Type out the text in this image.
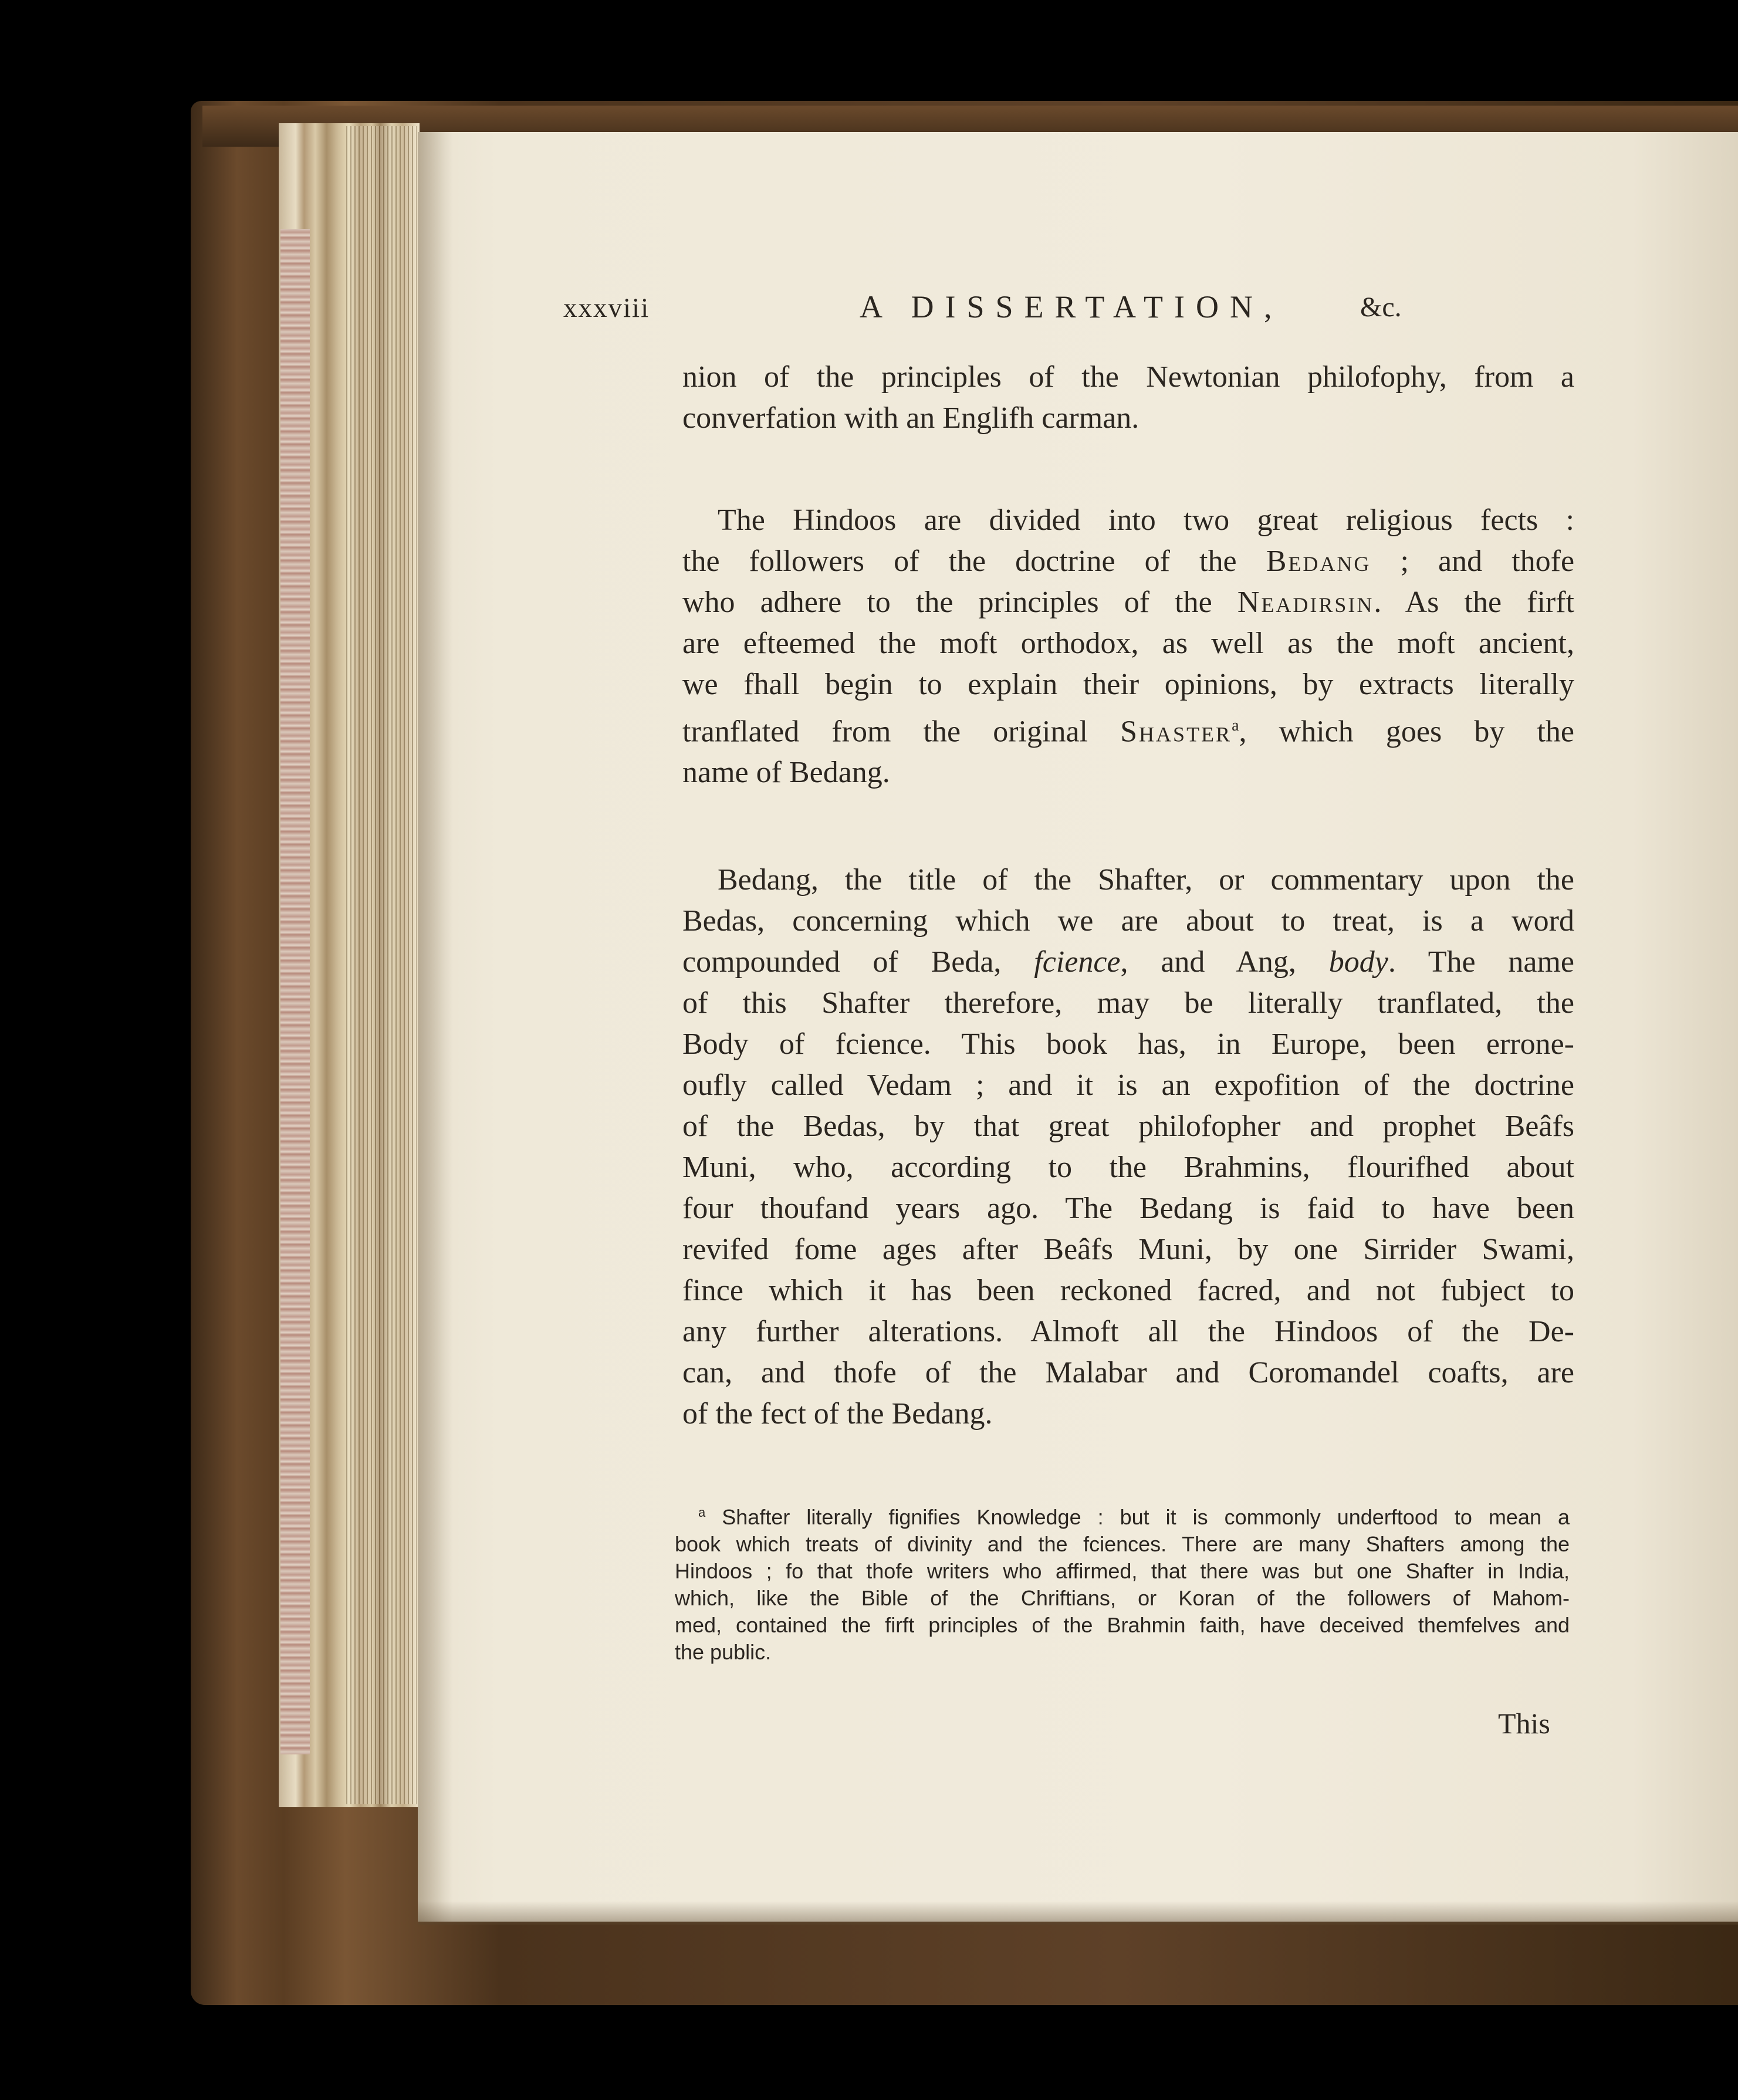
xxxviii	A DISSERTATION,	&c.
nion of the principles of the Newtonian philofophy, from a
converfation with an Englifh carman.
The Hindoos are divided into two great religious fects :
the followers of the doctrine of the Bedang ; and thofe
who adhere to the principles of the Neadirsin. As the firft
are efteemed the moft orthodox, as well as the moft ancient,
we fhall begin to explain their opinions, by extracts literally
tranflated from the original Shaster$^a$, which goes by the
name of Bedang.
Bedang, the title of the Shafter, or commentary upon the
Bedas, concerning which we are about to treat, is a word
compounded of Beda, fcience, and Ang, body. The name
of this Shafter therefore, may be literally tranflated, the
Body of fcience. This book has, in Europe, been errone-
oufly called Vedam ; and it is an expofition of the doctrine
of the Bedas, by that great philofopher and prophet Beâfs
Muni, who, according to the Brahmins, flourifhed about
four thoufand years ago. The Bedang is faid to have been
revifed fome ages after Beâfs Muni, by one Sirrider Swami,
fince which it has been reckoned facred, and not fubject to
any further alterations. Almoft all the Hindoos of the De-
can, and thofe of the Malabar and Coromandel coafts, are
of the fect of the Bedang.
$^a$ Shafter literally fignifies Knowledge : but it is commonly underftood to mean a
book which treats of divinity and the fciences. There are many Shafters among the
Hindoos ; fo that thofe writers who affirmed, that there was but one Shafter in India,
which, like the Bible of the Chriftians, or Koran of the followers of Mahom-
med, contained the firft principles of the Brahmin faith, have deceived themfelves and
the public.
This
